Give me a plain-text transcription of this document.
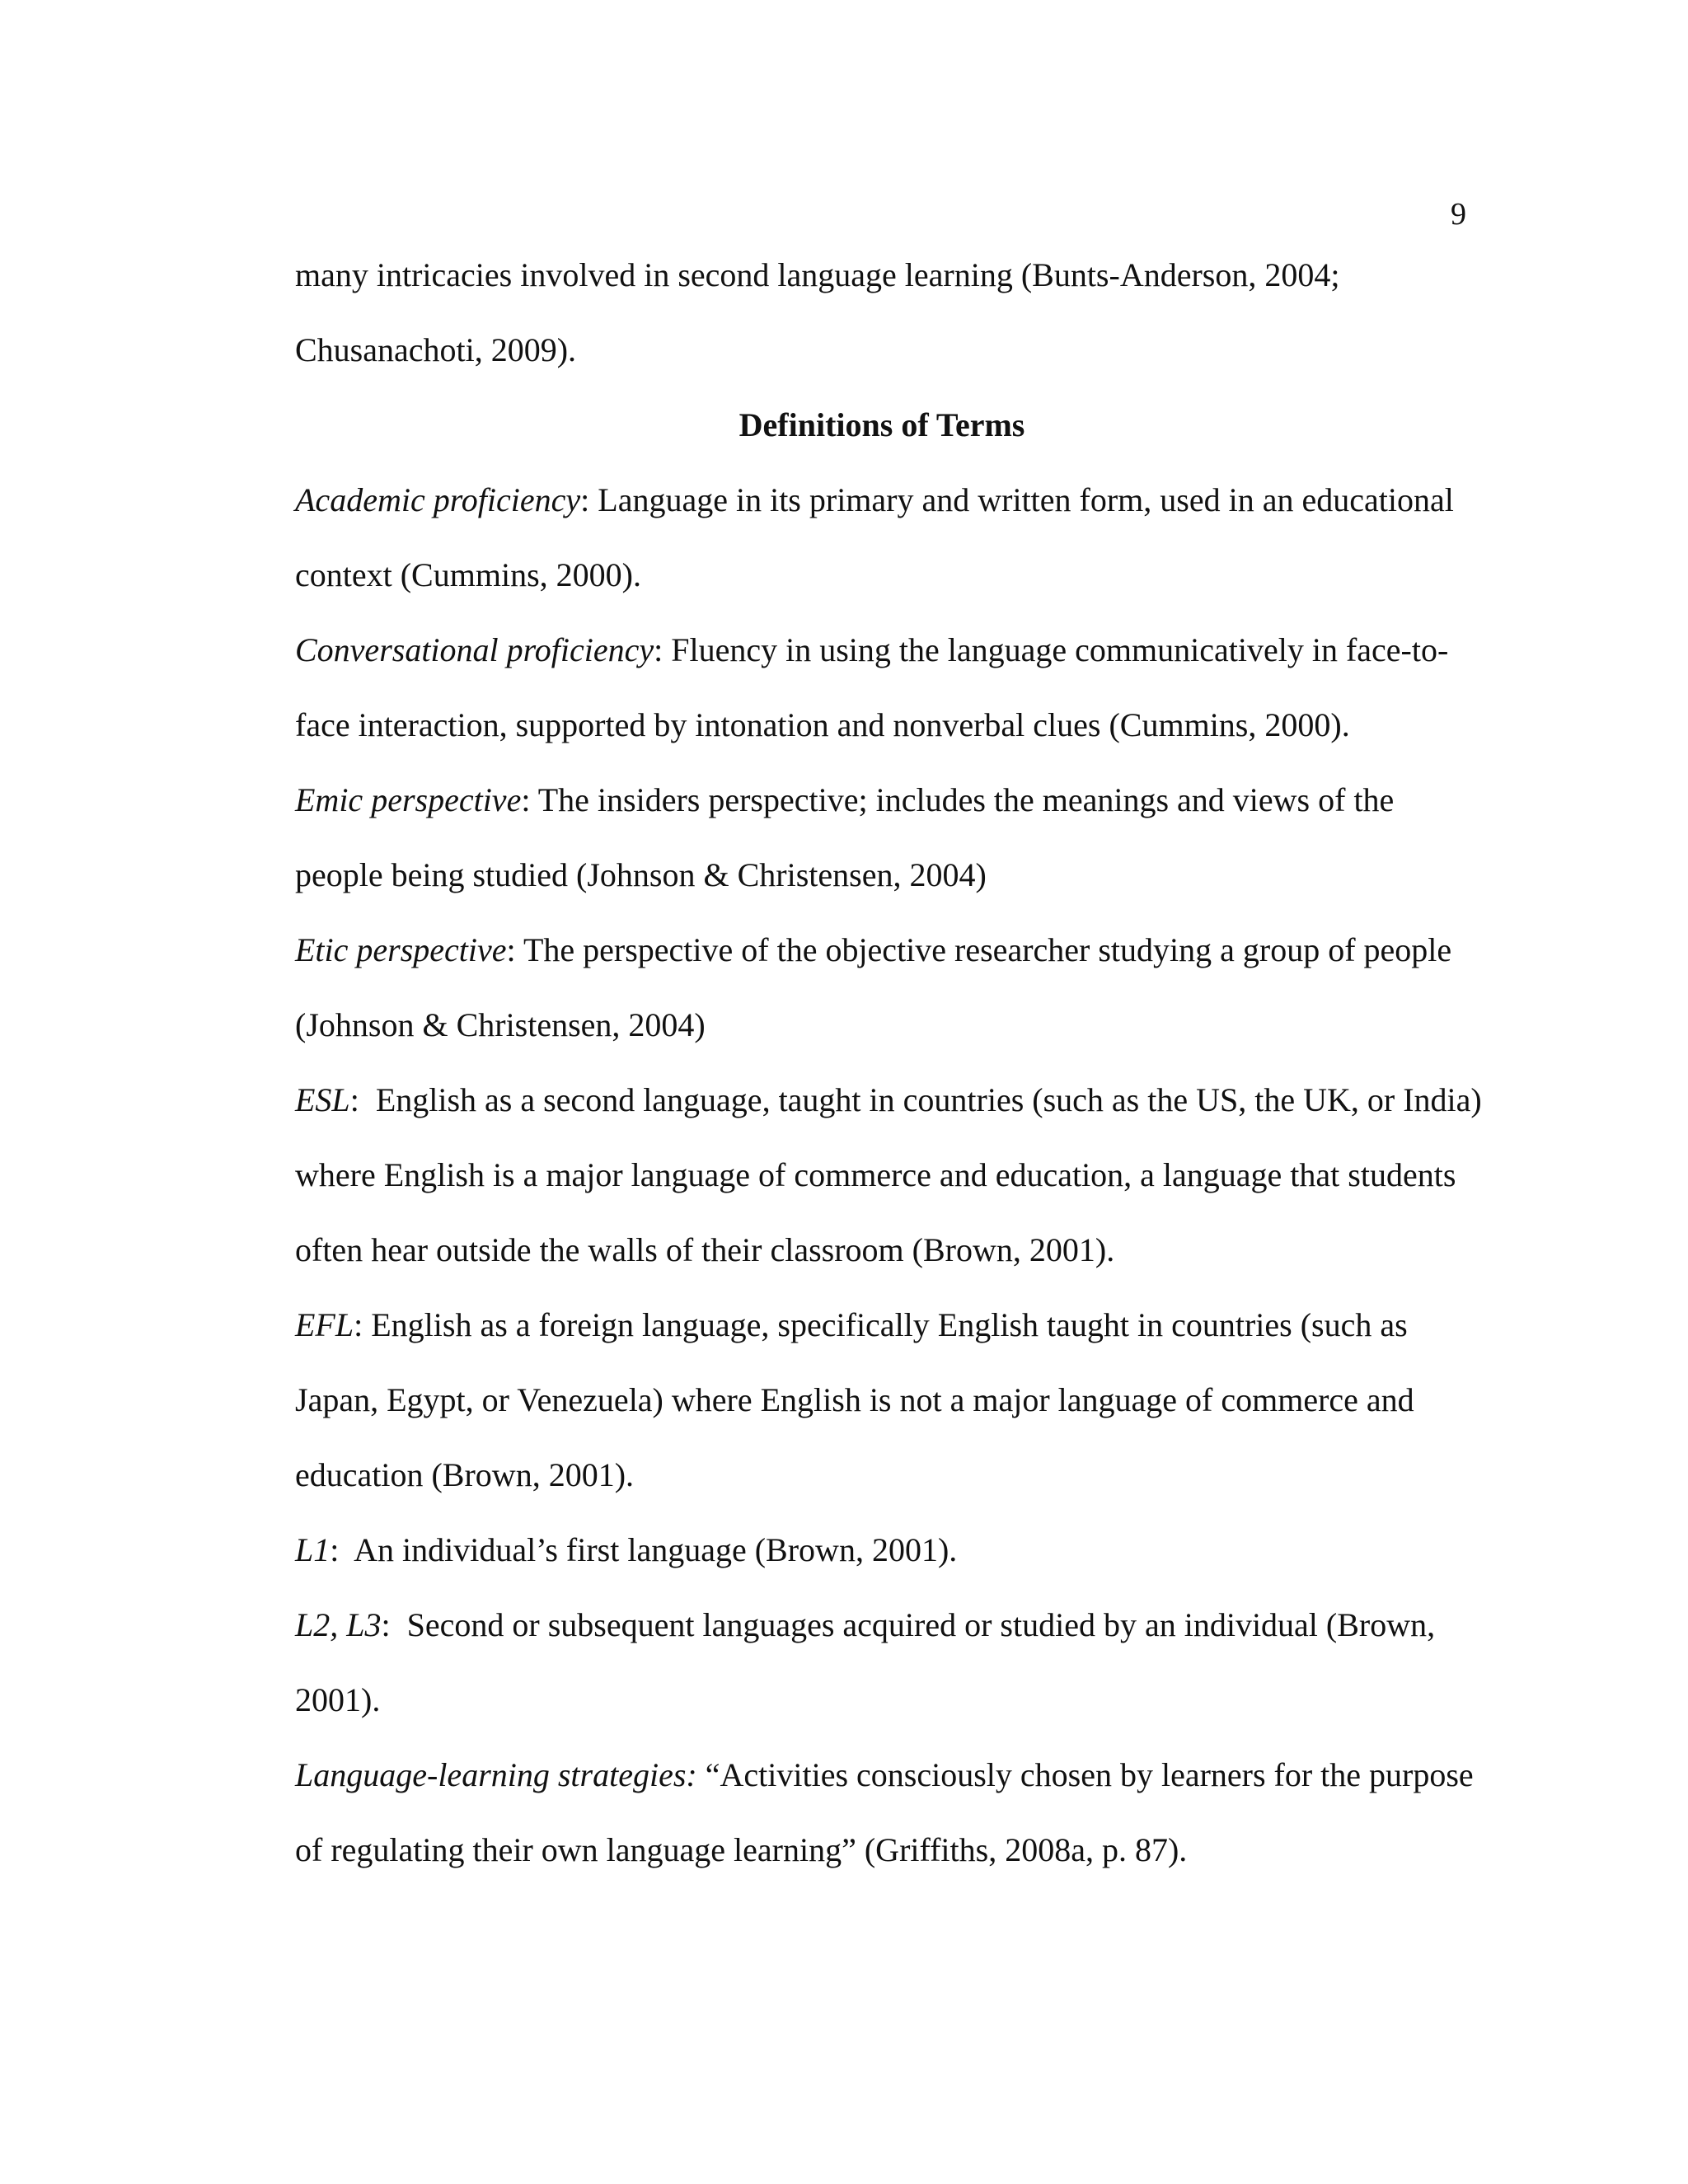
9
many intricacies involved in second language learning (Bunts-Anderson, 2004;
Chusanachoti, 2009).
Definitions of Terms
Academic proficiency: Language in its primary and written form, used in an educational
context (Cummins, 2000).
Conversational proficiency: Fluency in using the language communicatively in face-to-
face interaction, supported by intonation and nonverbal clues (Cummins, 2000).
Emic perspective: The insiders perspective; includes the meanings and views of the
people being studied (Johnson & Christensen, 2004)
Etic perspective: The perspective of the objective researcher studying a group of people
(Johnson & Christensen, 2004)
ESL:  English as a second language, taught in countries (such as the US, the UK, or India)
where English is a major language of commerce and education, a language that students
often hear outside the walls of their classroom (Brown, 2001).
EFL: English as a foreign language, specifically English taught in countries (such as
Japan, Egypt, or Venezuela) where English is not a major language of commerce and
education (Brown, 2001).
L1:  An individual’s first language (Brown, 2001).
L2, L3:  Second or subsequent languages acquired or studied by an individual (Brown,
2001).
Language-learning strategies: “Activities consciously chosen by learners for the purpose
of regulating their own language learning” (Griffiths, 2008a, p. 87).
